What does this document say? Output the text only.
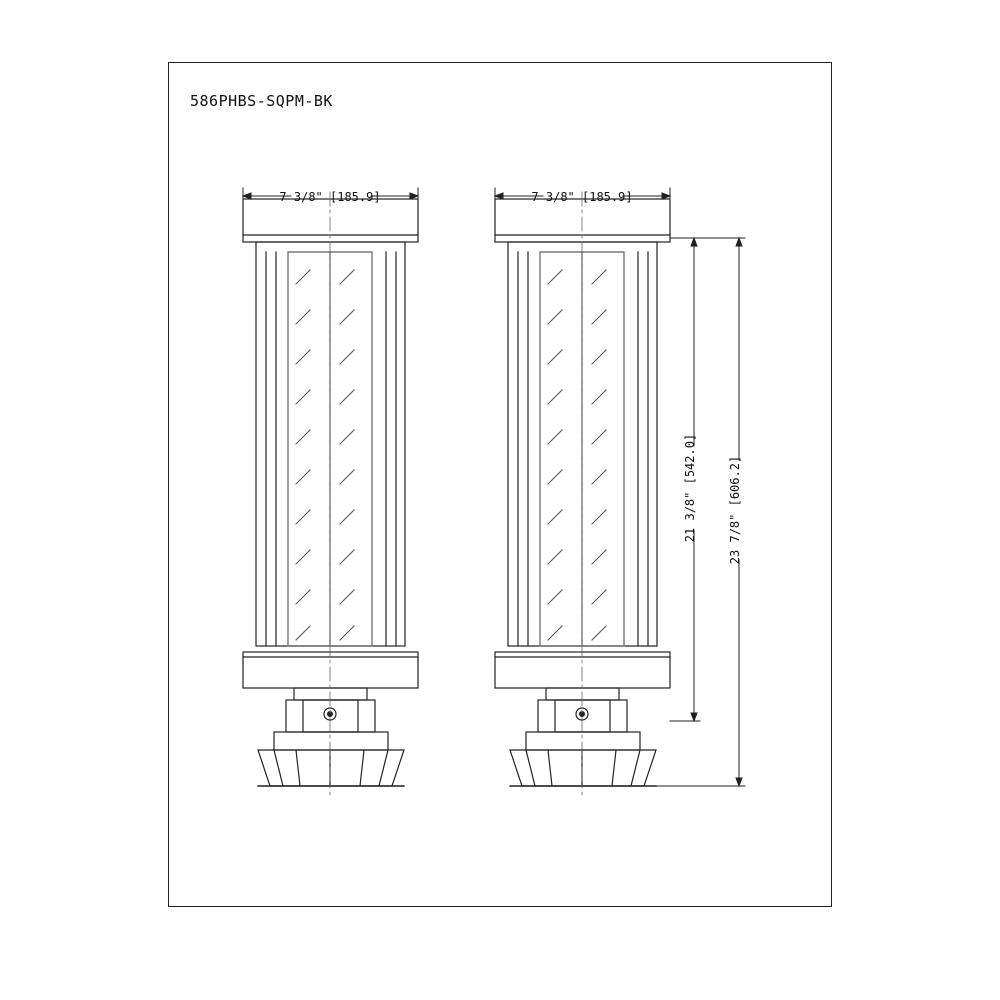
586PHBS-SQPM-BK
7 3/8" [185.9]	7 3/8" [185.9]
21 3/8" [542.0]	23 7/8" [606.2]
